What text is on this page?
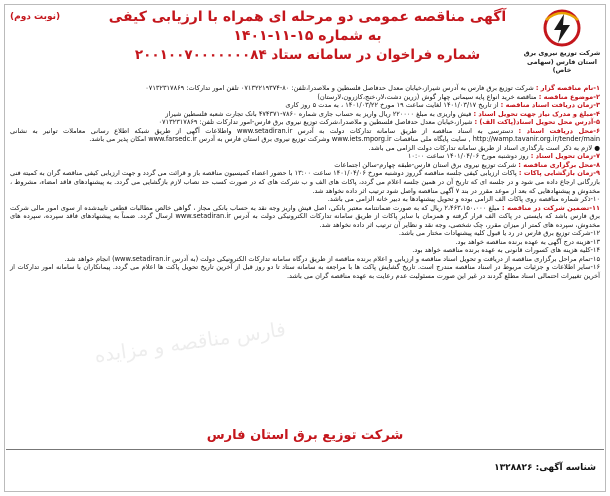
شرکت توزیع نیروی برق
استان فارس (سهامی خاص)
(نوبت دوم)	آگهی مناقصه عمومی دو مرحله ای همراه با ارزیابی کیفی
به شماره ۱۵-۱۱-۱۴۰۱
شماره فراخوان در سامانه ستاد ۲۰۰۱۰۰۷۰۰۰۰۰۰۰۸۴
فارس مناقصه و مزایده

۱-نام مناقصه گزار : شرکت توزیع برق فارس به آدرس شیراز،خیابان معدل حدفاصل فلسطین و ملاصدرا،تلفن: ۸۰-۰۷۱۳۲۲۱۹۳۷۴ تلفن امور تدارکات: ۰۷۱۳۲۳۱۷۸۶۹

۲-موضوع مناقصه : مناقصه خرید انواع پایه سیمانی چهار گوش (زرین دشت،لار،خنج،کازرون،لارستان)

۳-زمان دریافت اسناد مناقصه : از تاریخ ۱۴۰۱/۰۳/۱۷ لغایت ساعت ۱۹ مورخ ۱۴۰۱/۰۳/۲۲ ، به مدت ۵ روز کاری

۴-مبلغ و مدرک نیاز جهت تحویل اسناد : فیش واریزی به مبلغ ۲۲۰۰۰۰ ریال واریز به حساب جاری شماره ۷۸۶۰-۴۷۴۳۷۱ بانک تجارت شعبه فلسطین شیراز

۵-آدرس محل تحویل اسناد(پاکت الف) : شیراز،خیابان معدل حدفاصل فلسطین و ملاصدرا،شرکت توزیع نیروی برق فارس-امور تدارکات تلفن: ۰۷۱۳۲۳۱۷۸۶۹

۶-محل دریافت اسناد : دسترسی به اسناد مناقصه از طریق سامانه تدارکات دولت به آدرس www.setadiran.ir واطلاعات آگهی از طریق شبکه اطلاع رسانی معاملات توانیر به نشانی http://wamp.tavanir.org.ir/tender/main , سایت پایگاه ملی مناقصات www.iets.mporg.ir وشرکت توزیع نیروی برق استان فارس به آدرس www.farsedc.ir امکان پذیر می باشد.

● لازم به ذکر است بارگذاری اسناد از طریق سامانه تدارکات دولت الزامی می باشد.

۷-زمان تحویل اسناد : روز دوشنبه مورخ ۱۴۰۱/۰۴/۰۶ ساعت ۱۰:۰۰

۸-محل برگزاری مناقصه : شرکت توزیع نیروی برق استان فارس-طبقه چهارم-سالن اجتماعات

۹-زمان بازگشایی پاکات : پاکات ارزیابی کیفی جلسه مناقصه گرروز دوشنبه مورخ ۱۴۰۱/۰۴/۰۶ ساعت ۱۳:۰۰ با حضور اعضاء کمیسیون مناقصه باز و قرائت می گردد و جهت ارزیابی کیفی مناقصه گران به کمیته فنی بازرگانی ارجاع داده می شود و در جلسه ای که تاریخ آن در همین جلسه اعلام می گردد، پاکات های الف و ب شرکت های که در صورت کسب حد نصاب لازم بازگشایی می گردد. به پیشنهادهای فاقد امضاء، مشروط ، مخدوش و پیشنهادهایی که بعد از موعد مقرر در بند ۷ آگهی مناقصه واصل شود ترتیب اثر داده نخواهد شد.

۱۰-ذکر شماره مناقصه روی پاکات الف الزامی بوده و تحویل پیشنهادها به دبیر خانه الزامی می باشد.

۱۱-تضمین شرکت در مناقصه : مبلغ ۲،۴۶۳،۱۵۰،۰۰۰ ریال که به صورت ضمانتنامه معتبر بانکی، اصل فیش واریز وجه نقد به حساب بانکی مجاز ، گواهی خالص مطالبات قطعی تاییدشده از سوی امور مالی شرکت برق فارس باشد که بایستی در پاکت الف قرار گرفته و همزمان با سایر پاکات از طریق سامانه تدارکات الکترونیکی دولت به آدرس www.setadiran.ir ارسال گردد. ضمناً به پیشنهادهای فاقد سپرده، سپرده های مخدوش، سپرده های کمتر از میزان مقرر، چک شخصی، وجه نقد و نظایر آن ترتیب اثر داده نخواهد شد.

۱۲-شرکت توزیع برق فارس در رد یا قبول کلیه پیشنهادات مختار می باشد.

۱۳-هزینه درج آگهی به عهده برنده مناقصه خواهد بود.

۱۴-کلیه هزینه های کسورات قانونی به عهده برنده مناقصه خواهد بود.

۱۵-تمام مراحل برگزاری مناقصه از دریافت و تحویل اسناد مناقصه و ارزیابی و اعلام برنده مناقصه از طریق درگاه سامانه تدارکات الکترونیکی دولت (به آدرس www.setadiran.ir) انجام خواهد شد.

۱۶-سایر اطلاعات و جزئیات مربوط در اسناد مناقصه مندرج است. تاریخ گشایش پاکت ها با مراجعه به سامانه ستاد تا دو روز قبل از آخرین تاریخ تحویل پاکت ها اعلام می گردد. پیمانکاران با سامانه امور تدارکات از آخرین تغییرات احتمالی اسناد مطلع گردند در غیر این صورت مسئولیت عدم رعایت به عهده مناقصه گران می باشد.

شرکت توزیع برق استان فارس
شناسه آگهی: ۱۳۲۸۸۲۶
